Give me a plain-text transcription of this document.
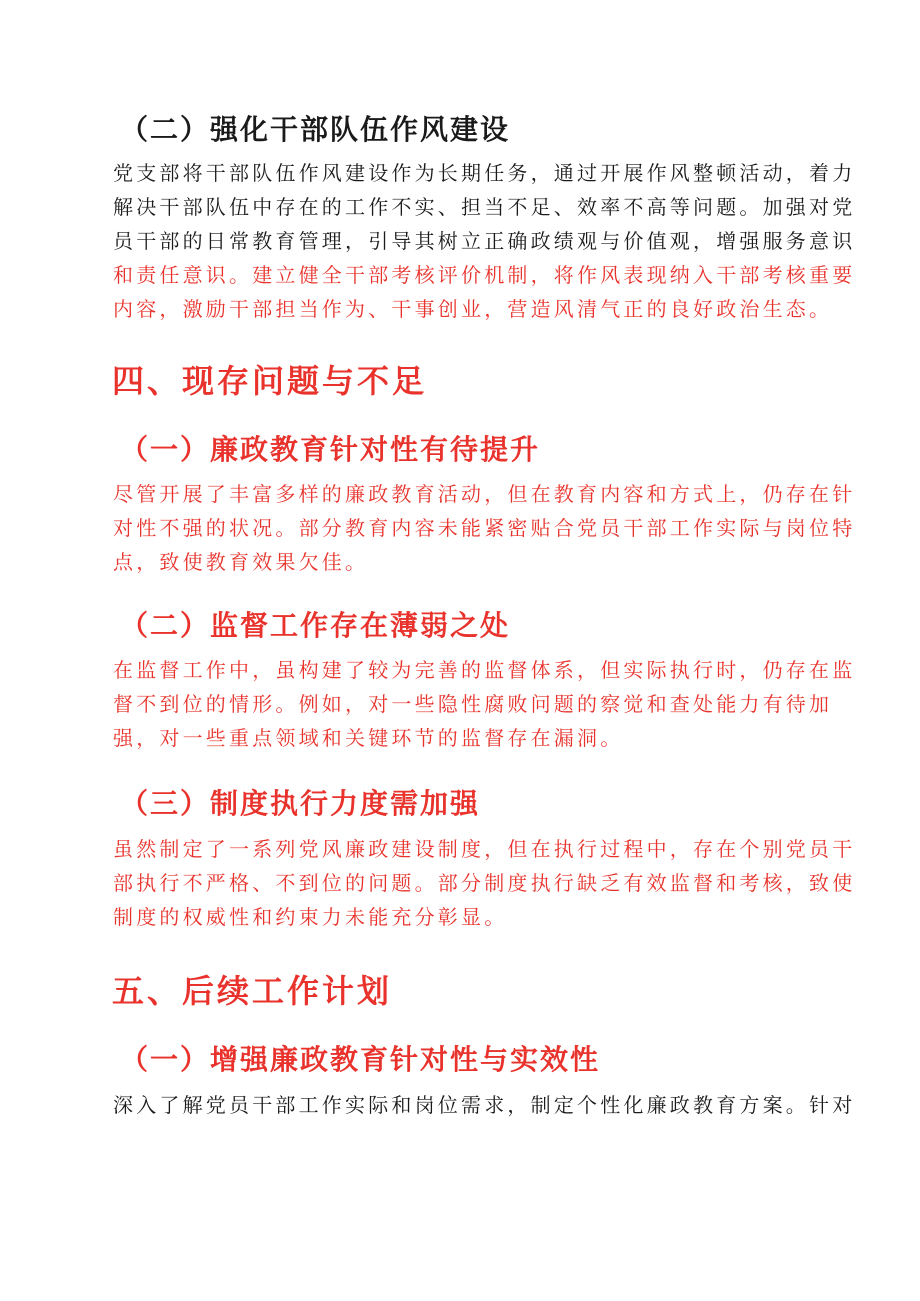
（二）强化干部队伍作风建设
党支部将干部队伍作风建设作为长期任务，通过开展作风整顿活动，着力
解决干部队伍中存在的工作不实、担当不足、效率不高等问题。加强对党
员干部的日常教育管理，引导其树立正确政绩观与价值观，增强服务意识
和责任意识。建立健全干部考核评价机制，将作风表现纳入干部考核重要
内容，激励干部担当作为、干事创业，营造风清气正的良好政治生态。
四、现存问题与不足
（一）廉政教育针对性有待提升
尽管开展了丰富多样的廉政教育活动，但在教育内容和方式上，仍存在针
对性不强的状况。部分教育内容未能紧密贴合党员干部工作实际与岗位特
点，致使教育效果欠佳。
（二）监督工作存在薄弱之处
在监督工作中，虽构建了较为完善的监督体系，但实际执行时，仍存在监
督不到位的情形。例如，对一些隐性腐败问题的察觉和查处能力有待加
强，对一些重点领域和关键环节的监督存在漏洞。
（三）制度执行力度需加强
虽然制定了一系列党风廉政建设制度，但在执行过程中，存在个别党员干
部执行不严格、不到位的问题。部分制度执行缺乏有效监督和考核，致使
制度的权威性和约束力未能充分彰显。
五、后续工作计划
（一）增强廉政教育针对性与实效性
深入了解党员干部工作实际和岗位需求，制定个性化廉政教育方案。针对
